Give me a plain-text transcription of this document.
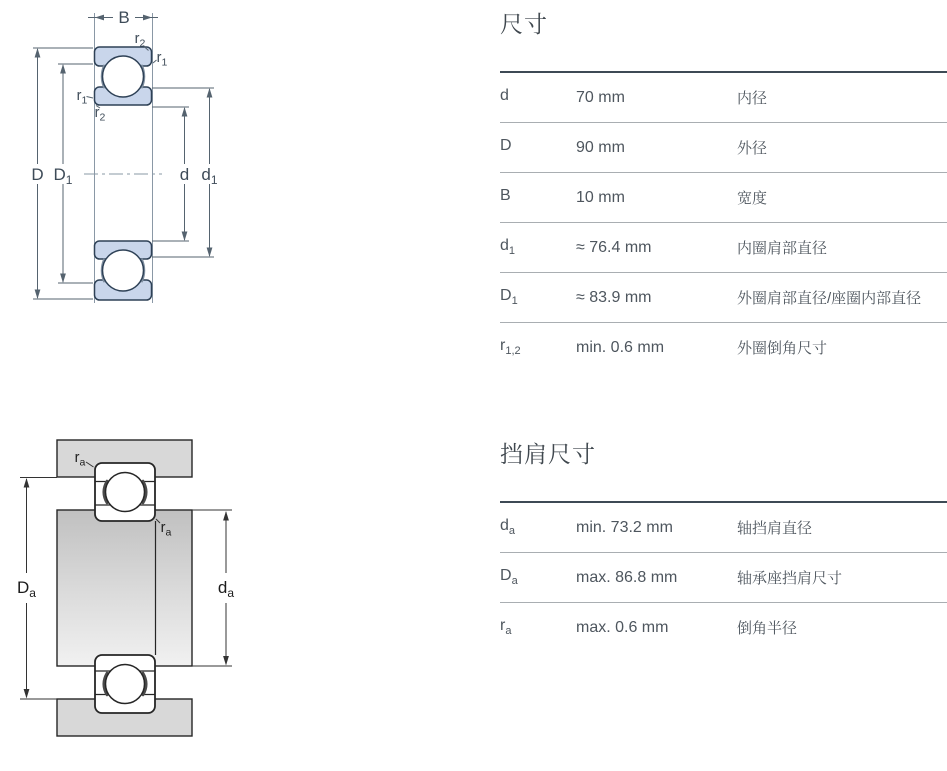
B
D $D_1$	d $d_1$
$r_2$
$r_1$
$r_1$
$r_2$
$D_a$	$d_a$
$r_a$
$r_a$
尺寸
d	70 mm	内径
D	90 mm	外径
B	10 mm	宽度
$d_1$	≈ 76.4 mm	内圈肩部直径
$D_1$	≈ 83.9 mm	外圈肩部直径/座圈内部直径
$r_{1,2}$	min. 0.6 mm	外圈倒角尺寸
挡肩尺寸
$d_a$	min. 73.2 mm	轴挡肩直径
$D_a$	max. 86.8 mm	轴承座挡肩尺寸
$r_a$	max. 0.6 mm	倒角半径
